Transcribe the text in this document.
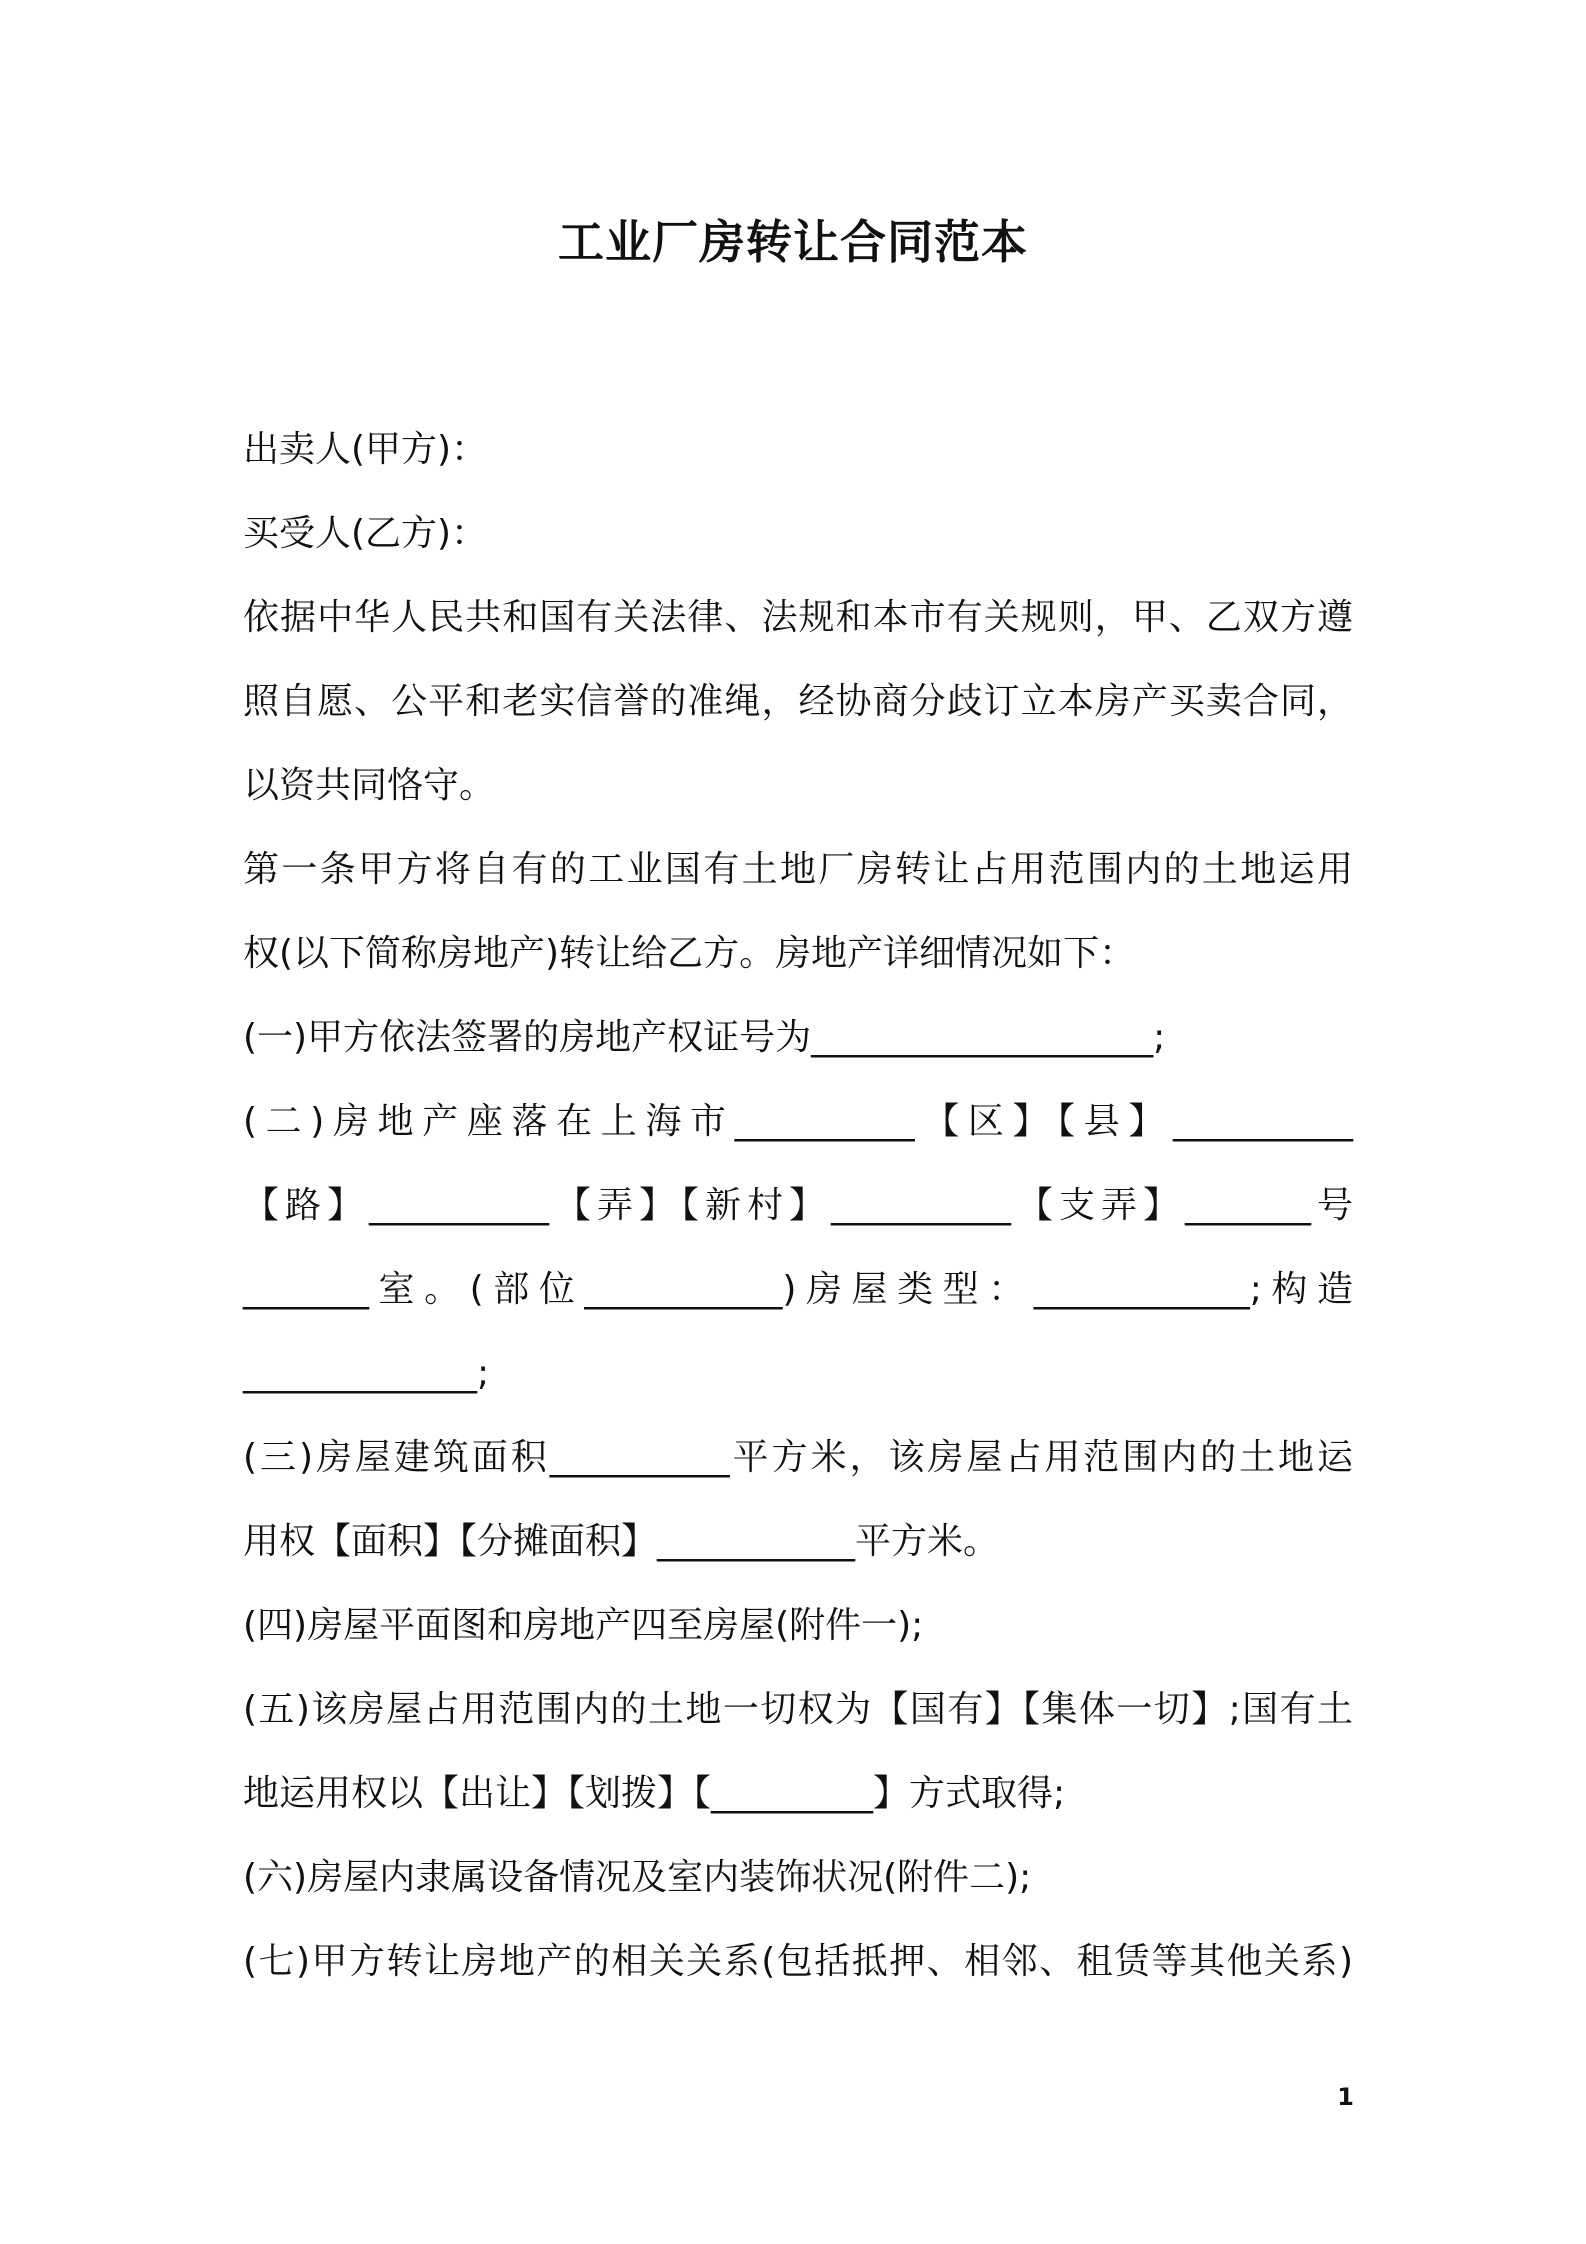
工业厂房转让合同范本
出卖人(甲方)：
买受人(乙方)：
依据中华人民共和国有关法律、法规和本市有关规则，甲、乙双方遵
照自愿、公平和老实信誉的准绳，经协商分歧订立本房产买卖合同，
以资共同恪守。
第一条甲方将自有的工业国有土地厂房转让占用范围内的土地运用
权(以下简称房地产)转让给乙方。房地产详细情况如下：
(一)甲方依法签署的房地产权证号为___________________;
(二)房地产座落在上海市__________【区】【县】__________
【路】__________【弄】【新村】__________【支弄】_______号
_______室。(部位___________)房屋类型：____________;构造
_____________;
(三)房屋建筑面积__________平方米，该房屋占用范围内的土地运
用权【面积】【分摊面积】___________平方米。
(四)房屋平面图和房地产四至房屋(附件一);
(五)该房屋占用范围内的土地一切权为【国有】【集体一切】;国有土
地运用权以【出让】【划拨】【_________】方式取得;
(六)房屋内隶属设备情况及室内装饰状况(附件二);
(七)甲方转让房地产的相关关系(包括抵押、相邻、租赁等其他关系)
1
